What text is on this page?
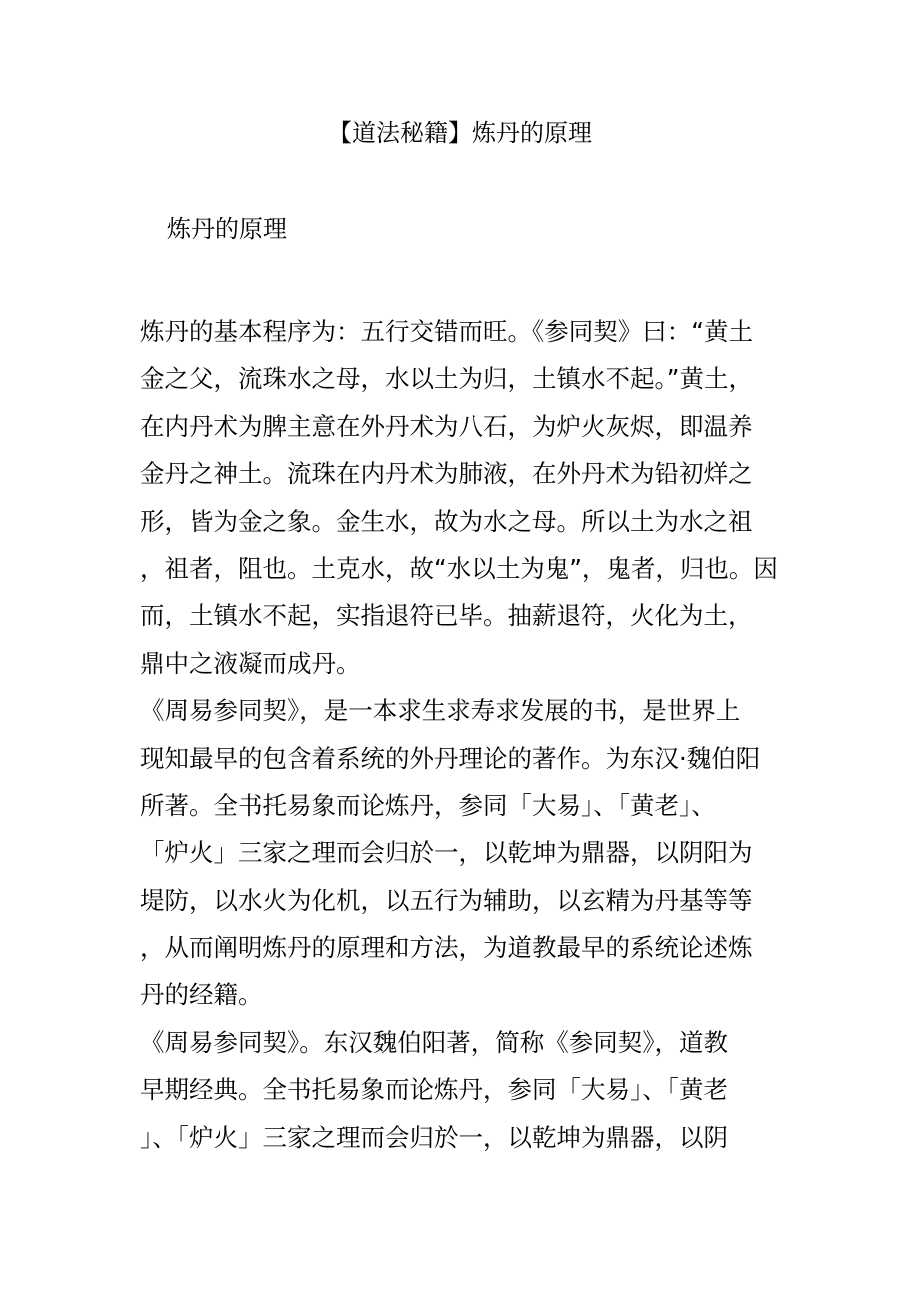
【道法秘籍】炼丹的原理
炼丹的原理
炼丹的基本程序为：五行交错而旺。《参同契》曰：“黄土
金之父，流珠水之母，水以土为归，土镇水不起。”黄土，
在内丹术为脾主意在外丹术为八石，为炉火灰烬，即温养
金丹之神土。流珠在内丹术为肺液，在外丹术为铅初烊之
形，皆为金之象。金生水，故为水之母。所以土为水之祖
，祖者，阻也。土克水，故“水以土为鬼”，鬼者，归也。因
而，土镇水不起，实指退符已毕。抽薪退符，火化为土，
鼎中之液凝而成丹。
《周易参同契》，是一本求生求寿求发展的书，是世界上
现知最早的包含着系统的外丹理论的著作。为东汉·魏伯阳
所著。全书托易象而论炼丹，参同「大易」、「黄老」、
「炉火」三家之理而会归於一，以乾坤为鼎器，以阴阳为
堤防，以水火为化机，以五行为辅助，以玄精为丹基等等
，从而阐明炼丹的原理和方法，为道教最早的系统论述炼
丹的经籍。
《周易参同契》。东汉魏伯阳著，简称《参同契》，道教
早期经典。全书托易象而论炼丹，参同「大易」、「黄老
」、「炉火」三家之理而会归於一，以乾坤为鼎器，以阴
